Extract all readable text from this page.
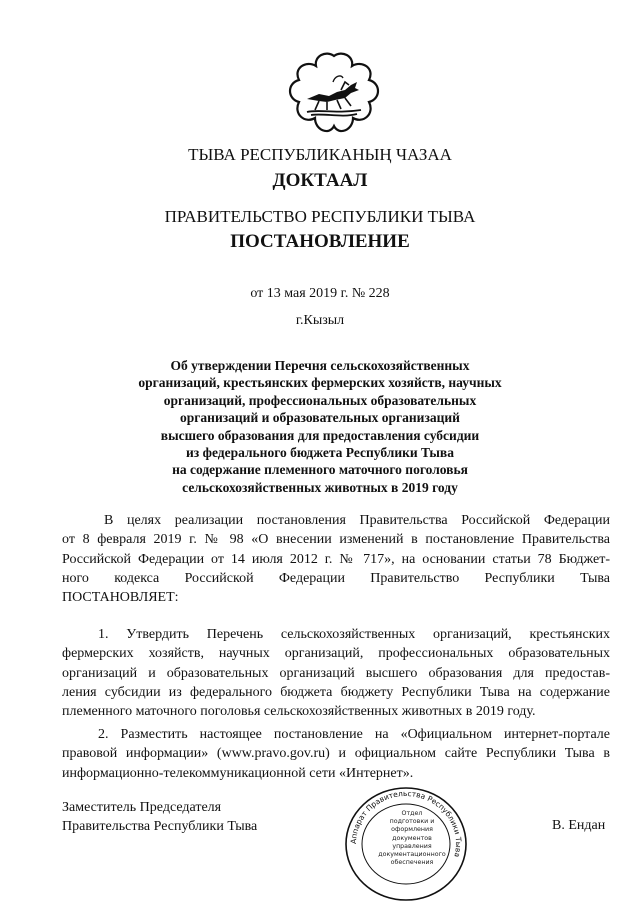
ТЫВА РЕСПУБЛИКАНЫҢ ЧАЗАА
ДОКТААЛ
ПРАВИТЕЛЬСТВО РЕСПУБЛИКИ ТЫВА
ПОСТАНОВЛЕНИЕ
от 13 мая 2019 г. № 228
г.Кызыл
Об утверждении Перечня сельскохозяйственных
организаций, крестьянских фермерских хозяйств, научных
организаций, профессиональных образовательных
организаций и образовательных организаций
высшего образования для предоставления субсидии
из федерального бюджета Республики Тыва
на содержание племенного маточного поголовья
сельскохозяйственных животных в 2019 году
В целях реализации постановления Правительства Российской Федерации
от 8 февраля 2019 г. № 98 «О внесении изменений в постановление Правительства
Российской Федерации от 14 июля 2012 г. № 717», на основании статьи 78 Бюджет-
ного кодекса Российской Федерации Правительство Республики Тыва
ПОСТАНОВЛЯЕТ:
1. Утвердить Перечень сельскохозяйственных организаций, крестьянских
фермерских хозяйств, научных организаций, профессиональных образовательных
организаций и образовательных организаций высшего образования для предостав-
ления субсидии из федерального бюджета бюджету Республики Тыва на содержание
племенного маточного поголовья сельскохозяйственных животных в 2019 году.
2. Разместить настоящее постановление на «Официальном интернет-портале
правовой информации» (www.pravo.gov.ru) и официальном сайте Республики Тыва в
информационно-телекоммуникационной сети «Интернет».
Заместитель Председателя
Правительства Республики Тыва
Аппарат Правительства Республики Тыва
Отдел
подготовки и
оформления документов
управления
документационного
обеспечения
В. Ендан
